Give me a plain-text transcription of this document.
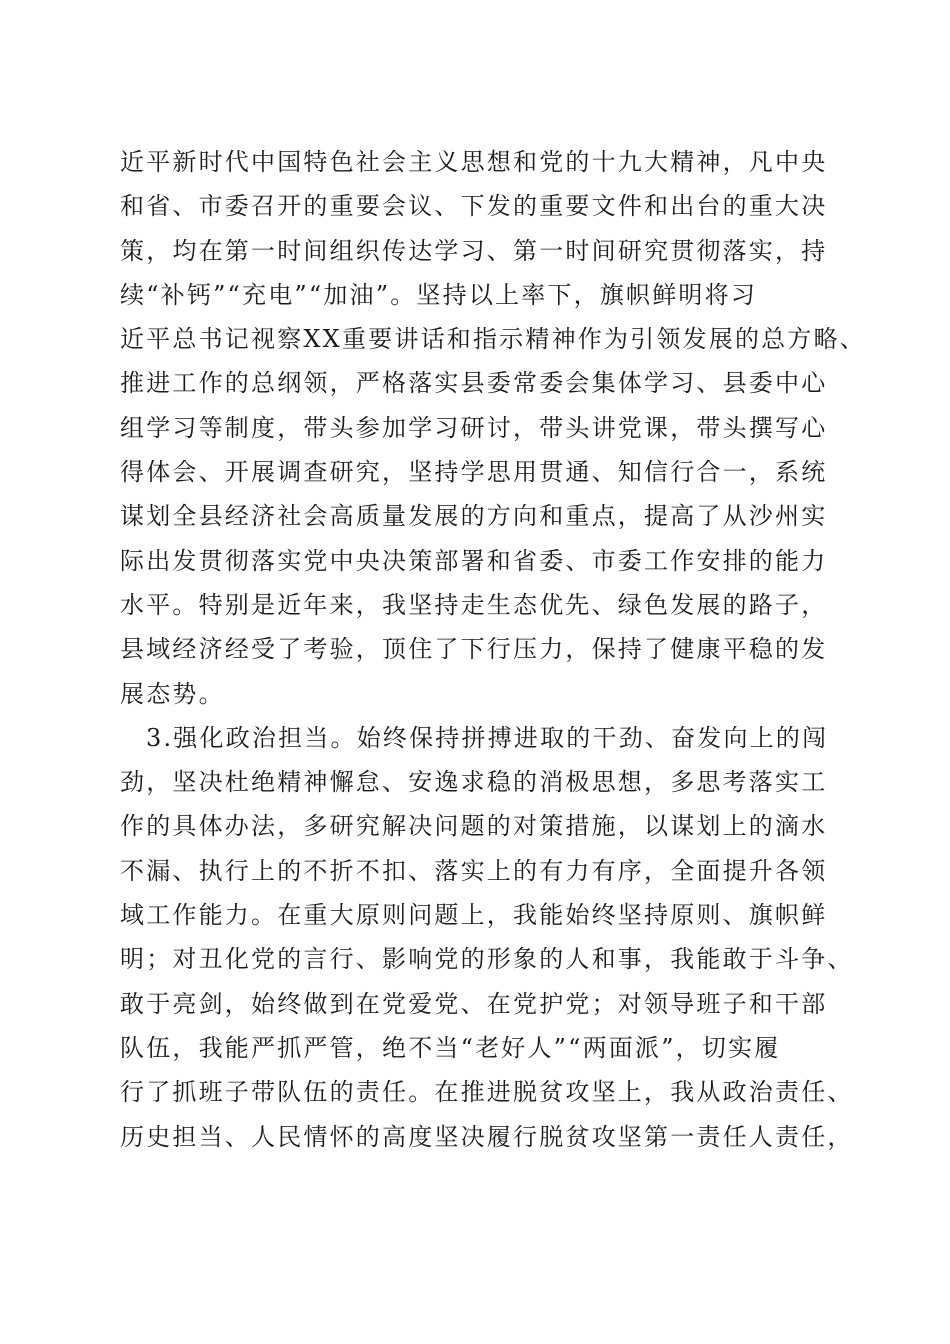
近平新时代中国特色社会主义思想和党的十九大精神，凡中央
和省、市委召开的重要会议、下发的重要文件和出台的重大决
策，均在第一时间组织传达学习、第一时间研究贯彻落实，持
续“补钙”“充电”“加油”。坚持以上率下，旗帜鲜明将习
近平总书记视察XX重要讲话和指示精神作为引领发展的总方略、
推进工作的总纲领，严格落实县委常委会集体学习、县委中心
组学习等制度，带头参加学习研讨，带头讲党课，带头撰写心
得体会、开展调查研究，坚持学思用贯通、知信行合一，系统
谋划全县经济社会高质量发展的方向和重点，提高了从沙州实
际出发贯彻落实党中央决策部署和省委、市委工作安排的能力
水平。特别是近年来，我坚持走生态优先、绿色发展的路子，
县域经济经受了考验，顶住了下行压力，保持了健康平稳的发
展态势。
3.强化政治担当。始终保持拼搏进取的干劲、奋发向上的闯
劲，坚决杜绝精神懈怠、安逸求稳的消极思想，多思考落实工
作的具体办法，多研究解决问题的对策措施，以谋划上的滴水
不漏、执行上的不折不扣、落实上的有力有序，全面提升各领
域工作能力。在重大原则问题上，我能始终坚持原则、旗帜鲜
明；对丑化党的言行、影响党的形象的人和事，我能敢于斗争、
敢于亮剑，始终做到在党爱党、在党护党；对领导班子和干部
队伍，我能严抓严管，绝不当“老好人”“两面派”，切实履
行了抓班子带队伍的责任。在推进脱贫攻坚上，我从政治责任、
历史担当、人民情怀的高度坚决履行脱贫攻坚第一责任人责任，
